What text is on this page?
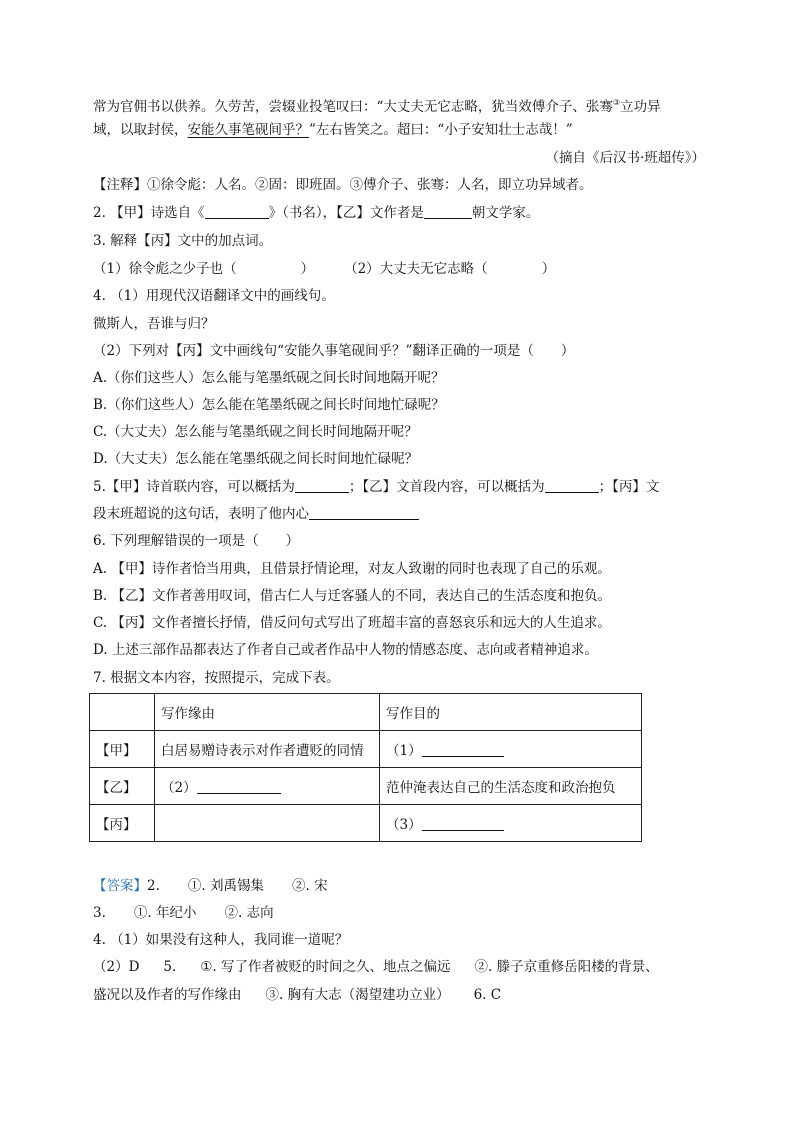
常为官佣书以供养。久劳苦，尝辍业投笔叹曰：“大丈夫无它志略，犹当效傅介子、张骞③立功异
域，以取封侯，安能久事笔砚间乎？”左右皆笑之。超曰：“小子安知壮士志哉！”
（摘自《后汉书·班超传》）
【注释】①徐令彪：人名。②固：即班固。③傅介子、张骞：人名，即立功异域者。
2. 【甲】诗选自《	》（书名），【乙】文作者是	朝文学家。
3. 解释【丙】文中的加点词。
（1）徐令彪之少子也（	） （2）大丈夫无它志略（	）
4. （1）用现代汉语翻译文中的画线句。
微斯人，吾谁与归？
（2）下列对【丙】文中画线句“安能久事笔砚间乎？”翻译正确的一项是（　　）
A.（你们这些人）怎么能与笔墨纸砚之间长时间地隔开呢？
B.（你们这些人）怎么能在笔墨纸砚之间长时间地忙碌呢？
C.（大丈夫）怎么能与笔墨纸砚之间长时间地隔开呢？
D.（大丈夫）怎么能在笔墨纸砚之间长时间地忙碌呢？
5.【甲】诗首联内容，可以概括为	；【乙】文首段内容，可以概括为	；【丙】文
段末班超说的这句话，表明了他内心
6. 下列理解错误的一项是（　　）
A. 【甲】诗作者恰当用典，且借景抒情论理，对友人致谢的同时也表现了自己的乐观。
B. 【乙】文作者善用叹词，借古仁人与迁客骚人的不同，表达自己的生活态度和抱负。
C. 【丙】文作者擅长抒情，借反问句式写出了班超丰富的喜怒哀乐和远大的人生追求。
D. 上述三部作品都表达了作者自己或者作品中人物的情感态度、志向或者精神追求。
7. 根据文本内容，按照提示，完成下表。
	写作缘由	写作目的
【甲】	白居易赠诗表示对作者遭贬的同情	（1）
【乙】	（2）	范仲淹表达自己的生活态度和政治抱负
【丙】		（3）
【答案】2. ①. 刘禹锡集 ②. 宋
3. ①. 年纪小 ②. 志向
4. （1）如果没有这种人，我同谁一道呢？
（2）D 5. ①. 写了作者被贬的时间之久、地点之偏远 ②. 滕子京重修岳阳楼的背景、
盛况以及作者的写作缘由 ③. 胸有大志（渴望建功立业） 6. C
